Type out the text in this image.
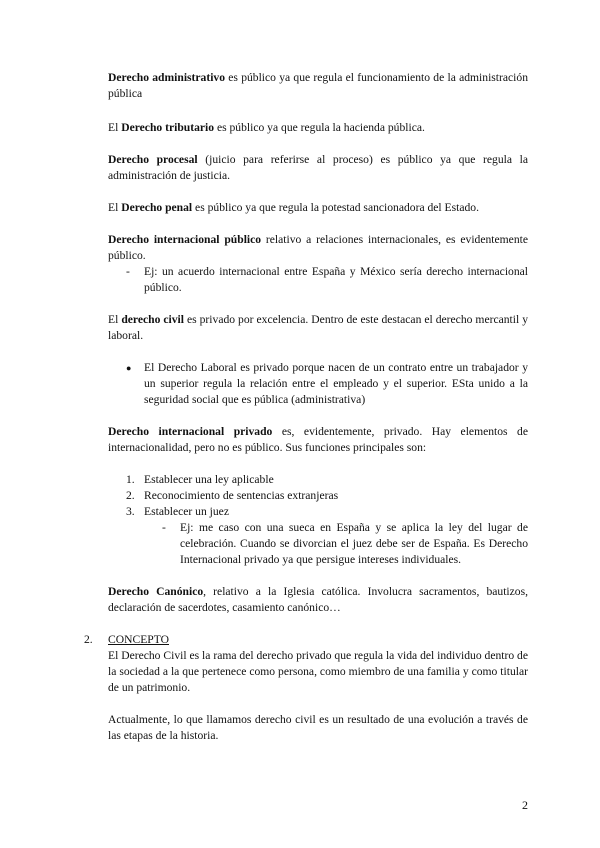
Derecho administrativo es público ya que regula el funcionamiento de la administración pública
El Derecho tributario es público ya que regula la hacienda pública.
Derecho procesal (juicio para referirse al proceso) es público ya que regula la administración de justicia.
El Derecho penal es público ya que regula la potestad sancionadora del Estado.
Derecho internacional público relativo a relaciones internacionales, es evidentemente público.
- Ej: un acuerdo internacional entre España y México sería derecho internacional público.
El derecho civil es privado por excelencia. Dentro de este destacan el derecho mercantil y laboral.
● El Derecho Laboral es privado porque nacen de un contrato entre un trabajador y un superior regula la relación entre el empleado y el superior. ESta unido a la seguridad social que es pública (administrativa)
Derecho internacional privado es, evidentemente, privado. Hay elementos de internacionalidad, pero no es público. Sus funciones principales son:
1. Establecer una ley aplicable
2. Reconocimiento de sentencias extranjeras
3. Establecer un juez
- Ej: me caso con una sueca en España y se aplica la ley del lugar de celebración. Cuando se divorcian el juez debe ser de España. Es Derecho Internacional privado ya que persigue intereses individuales.
Derecho Canónico, relativo a la Iglesia católica. Involucra sacramentos, bautizos, declaración de sacerdotes, casamiento canónico…
2. CONCEPTO
El Derecho Civil es la rama del derecho privado que regula la vida del individuo dentro de la sociedad a la que pertenece como persona, como miembro de una familia y como titular de un patrimonio.
Actualmente, lo que llamamos derecho civil es un resultado de una evolución a través de las etapas de la historia.
2
